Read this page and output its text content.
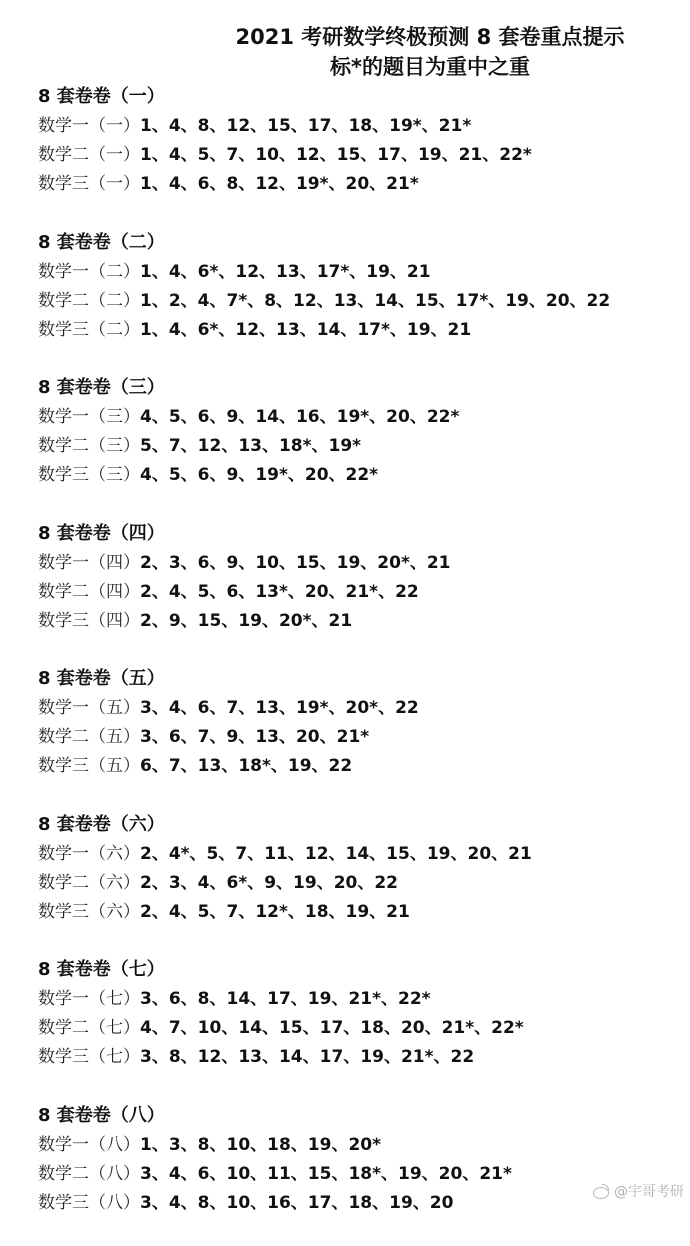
2021 考研数学终极预测 8 套卷重点提示
标*的题目为重中之重
8 套卷卷（一）
数学一（一）1、4、8、12、15、17、18、19*、21*
数学二（一）1、4、5、7、10、12、15、17、19、21、22*
数学三（一）1、4、6、8、12、19*、20、21*
8 套卷卷（二）
数学一（二）1、4、6*、12、13、17*、19、21
数学二（二）1、2、4、7*、8、12、13、14、15、17*、19、20、22
数学三（二）1、4、6*、12、13、14、17*、19、21
8 套卷卷（三）
数学一（三）4、5、6、9、14、16、19*、20、22*
数学二（三）5、7、12、13、18*、19*
数学三（三）4、5、6、9、19*、20、22*
8 套卷卷（四）
数学一（四）2、3、6、9、10、15、19、20*、21
数学二（四）2、4、5、6、13*、20、21*、22
数学三（四）2、9、15、19、20*、21
8 套卷卷（五）
数学一（五）3、4、6、7、13、19*、20*、22
数学二（五）3、6、7、9、13、20、21*
数学三（五）6、7、13、18*、19、22
8 套卷卷（六）
数学一（六）2、4*、5、7、11、12、14、15、19、20、21
数学二（六）2、3、4、6*、9、19、20、22
数学三（六）2、4、5、7、12*、18、19、21
8 套卷卷（七）
数学一（七）3、6、8、14、17、19、21*、22*
数学二（七）4、7、10、14、15、17、18、20、21*、22*
数学三（七）3、8、12、13、14、17、19、21*、22
8 套卷卷（八）
数学一（八）1、3、8、10、18、19、20*
数学二（八）3、4、6、10、11、15、18*、19、20、21*
数学三（八）3、4、8、10、16、17、18、19、20
@宇哥考研
